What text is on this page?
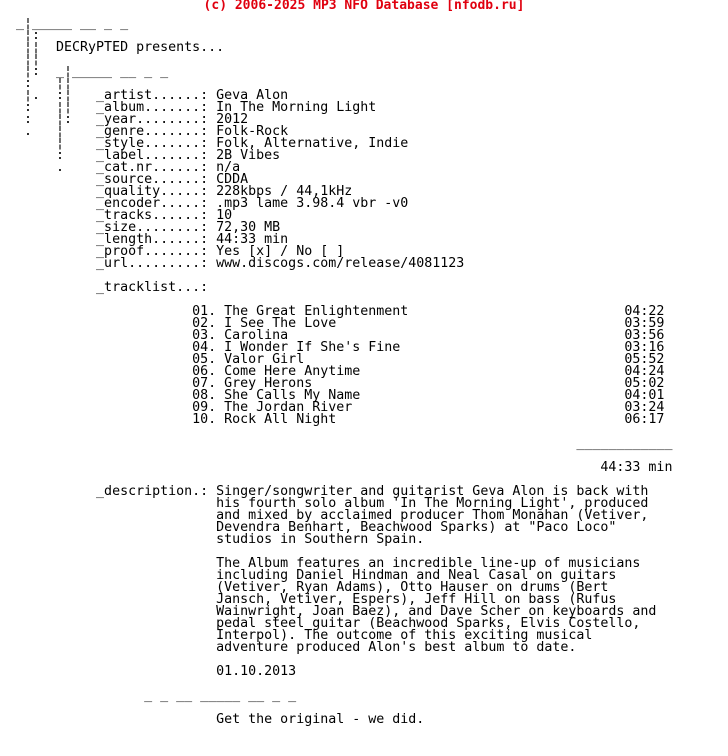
(c) 2006-2025 MP3 NFO Database [nfodb.ru]
_¦_____ __ _ _
¦:
¦¦  DECRyPTED presents...
¦¦
¦:  _¦_____ __ _ _
:   ¦¦
¦.  :¦   _artist......: Geva Alon
:   ¦¦   _album.......: In The Morning Light
:   ¦:   _year........: 2012
.   ¦    _genre.......: Folk-Rock
¦    _style.......: Folk, Alternative, Indie
:    _label.......: 2B Vibes
.    _cat.nr......: n/a
_source......: CDDA
_quality.....: 228kbps / 44,1kHz
_encoder.....: .mp3 lame 3.98.4 vbr -v0
_tracks......: 10
_size........: 72,30 MB
_length......: 44:33 min
_proof.......: Yes [x] / No [ ]
_url.........: www.discogs.com/release/4081123

_tracklist...:

01. The Great Enlightenment                           04:22
02. I See The Love                                    03:59
03. Carolina                                          03:56
04. I Wonder If She's Fine                            03:16
05. Valor Girl                                        05:52
06. Come Here Anytime                                 04:24
07. Grey Herons                                       05:02
08. She Calls My Name                                 04:01
09. The Jordan River                                  03:24
10. Rock All Night                                    06:17

____________

44:33 min

_description.: Singer/songwriter and guitarist Geva Alon is back with
his fourth solo album 'In The Morning Light', produced
and mixed by acclaimed producer Thom Monahan (Vetiver,
Devendra Benhart, Beachwood Sparks) at "Paco Loco"
studios in Southern Spain.

The Album features an incredible line-up of musicians
including Daniel Hindman and Neal Casal on guitars
(Vetiver, Ryan Adams), Otto Hauser on drums (Bert
Jansch, Vetiver, Espers), Jeff Hill on bass (Rufus
Wainwright, Joan Baez), and Dave Scher on keyboards and
pedal steel guitar (Beachwood Sparks, Elvis Costello,
Interpol). The outcome of this exciting musical
adventure produced Alon's best album to date.

01.10.2013

_ _ __ _____ __ _ _

Get the original - we did.
